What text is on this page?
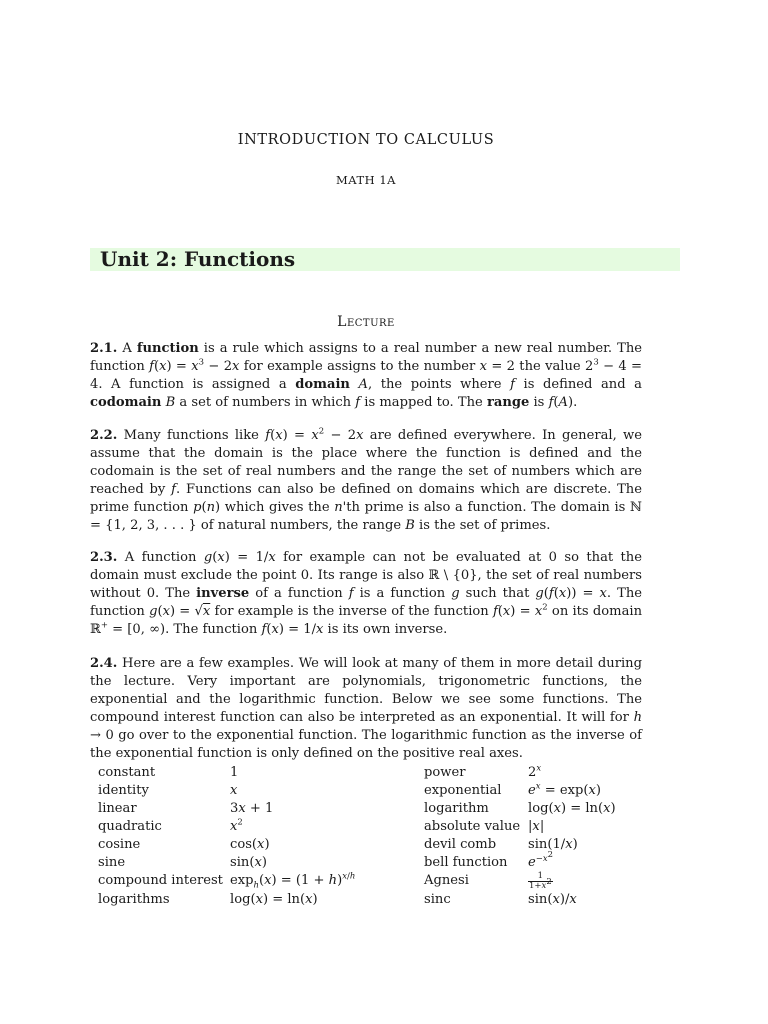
INTRODUCTION TO CALCULUS
MATH 1A
Unit 2: Functions
Lecture
2.1. A function is a rule which assigns to a real number a new real number. The function $f(x) = x^3 - 2x$ for example assigns to the number x = 2 the value $2^3 - 4 = 4$. A function is assigned a domain A, the points where f is defined and a codomain B a set of numbers in which f is mapped to. The range is f(A).
2.2. Many functions like $f(x) = x^2 - 2x$ are defined everywhere. In general, we assume that the domain is the place where the function is defined and the codomain is the set of real numbers and the range the set of numbers which are reached by f. Functions can also be defined on domains which are discrete. The prime function p(n) which gives the n'th prime is also a function. The domain is ℕ = {1, 2, 3, . . . } of natural numbers, the range B is the set of primes.
2.3. A function g(x) = 1/x for example can not be evaluated at 0 so that the domain must exclude the point 0. Its range is also ℝ \ {0}, the set of real numbers without 0. The inverse of a function f is a function g such that g(f(x)) = x. The function g(x) = √x for example is the inverse of the function $f(x) = x^2$ on its domain ℝ+ = [0, ∞). The function f(x) = 1/x is its own inverse.
2.4. Here are a few examples. We will look at many of them in more detail during the lecture. Very important are polynomials, trigonometric functions, the exponential and the logarithmic function. Below we see some functions. The compound interest function can also be interpreted as an exponential. It will for h → 0 go over to the exponential function. The logarithmic function as the inverse of the exponential function is only defined on the positive real axes.
constant	1	power	2$^x$
identity	x	exponential	$e^x = \exp(x)$
linear	3x + 1	logarithm	log(x) = ln(x)
quadratic	$x^2$	absolute value	|x|
cosine	cos(x)	devil comb	sin(1/x)
sine	sin(x)	bell function	$e^{-x^2}$
compound interest	$\exp_h(x) = (1 + h)^{x/h}$	Agnesi	$\frac{1}{1+x^2}$

logarithms	log(x) = ln(x)	sinc	sin(x)/x
